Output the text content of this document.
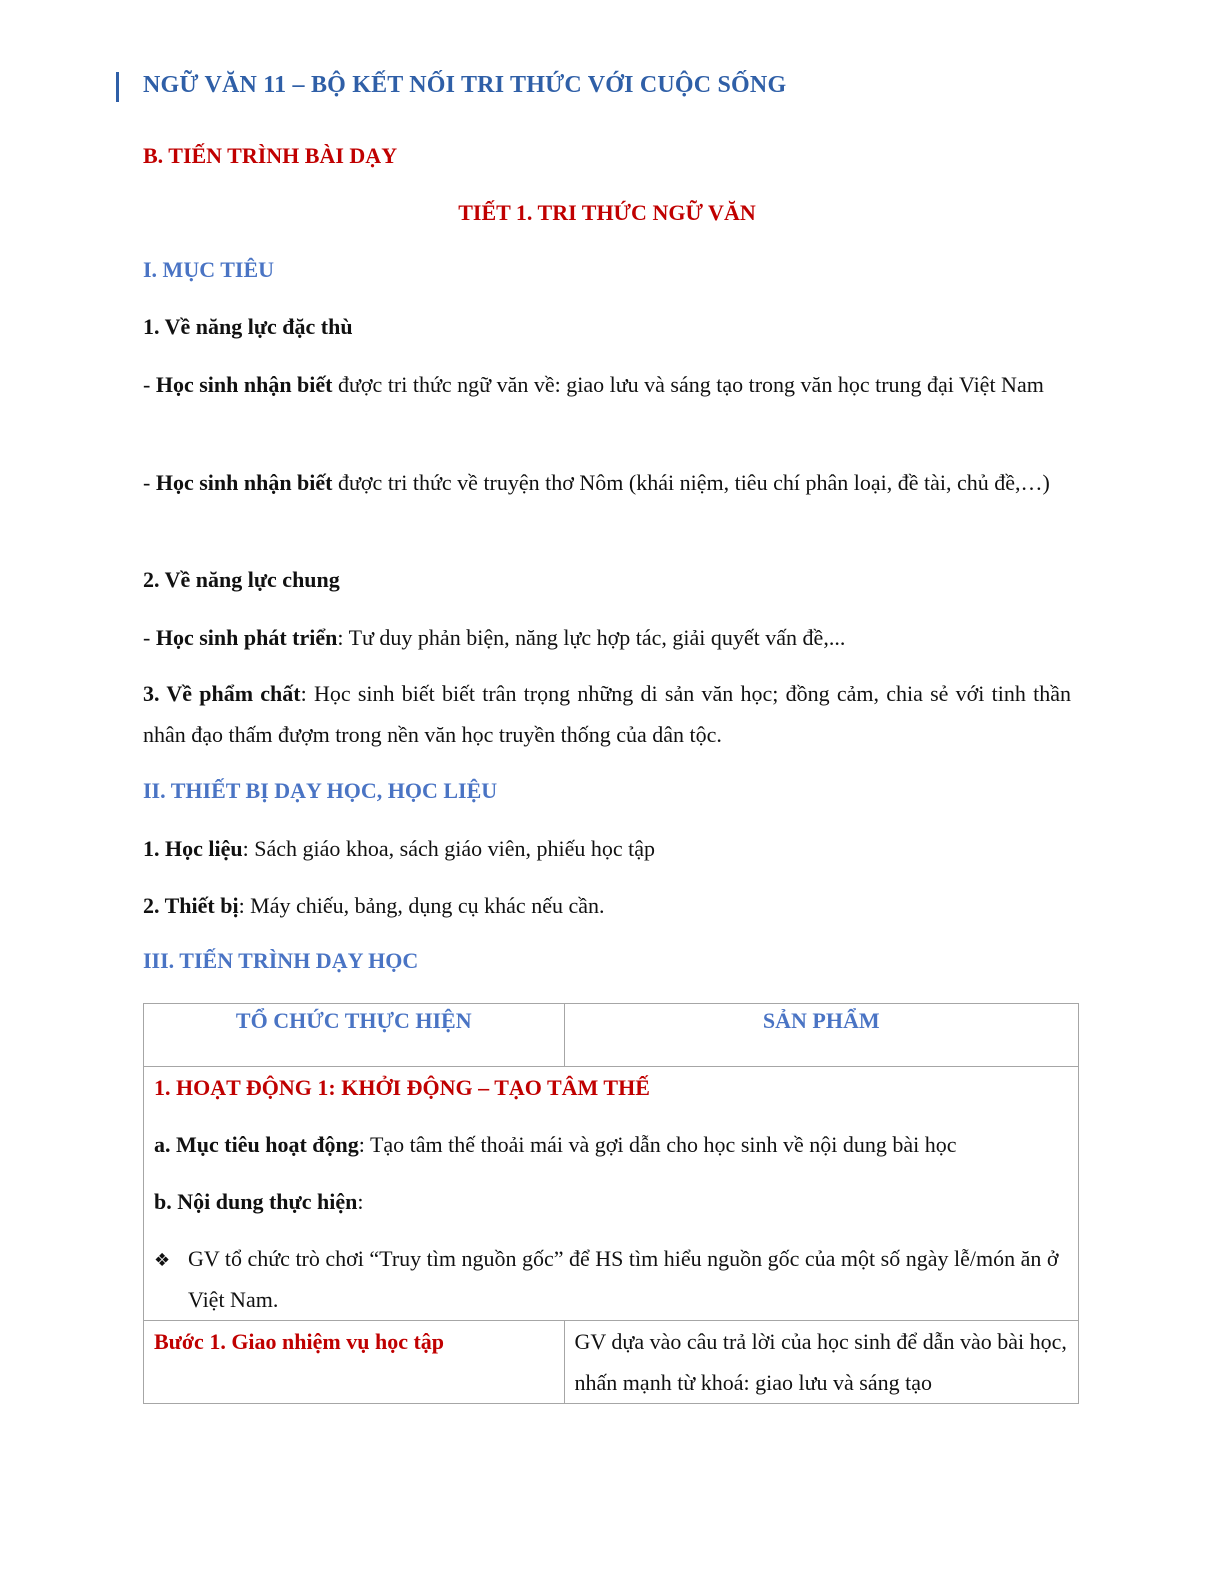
NGỮ VĂN 11 – BỘ KẾT NỐI TRI THỨC VỚI CUỘC SỐNG
B. TIẾN TRÌNH BÀI DẠY
TIẾT 1. TRI THỨC NGỮ VĂN
I. MỤC TIÊU
1. Về năng lực đặc thù
- Học sinh nhận biết được tri thức ngữ văn về: giao lưu và sáng tạo trong văn học trung đại Việt Nam
- Học sinh nhận biết được tri thức về truyện thơ Nôm (khái niệm, tiêu chí phân loại, đề tài, chủ đề,…)
2. Về năng lực chung
- Học sinh phát triển: Tư duy phản biện, năng lực hợp tác, giải quyết vấn đề,...
3. Về phẩm chất: Học sinh biết biết trân trọng những di sản văn học; đồng cảm, chia sẻ với tinh thần nhân đạo thấm đượm trong nền văn học truyền thống của dân tộc.
II. THIẾT BỊ DẠY HỌC, HỌC LIỆU
1. Học liệu: Sách giáo khoa, sách giáo viên, phiếu học tập
2. Thiết bị: Máy chiếu, bảng, dụng cụ khác nếu cần.
III. TIẾN TRÌNH DẠY HỌC
TỔ CHỨC THỰC HIỆN	SẢN PHẨM

1. HOẠT ĐỘNG 1: KHỞI ĐỘNG – TẠO TÂM THẾ

a. Mục tiêu hoạt động: Tạo tâm thế thoải mái và gợi dẫn cho học sinh về nội dung bài học

b. Nội dung thực hiện:

❖ GV tổ chức trò chơi “Truy tìm nguồn gốc” để HS tìm hiểu nguồn gốc của một số ngày lễ/món ăn ở Việt Nam.	

Bước 1. Giao nhiệm vụ học tập	GV dựa vào câu trả lời của học sinh để dẫn vào bài học, nhấn mạnh từ khoá: giao lưu và sáng tạo
